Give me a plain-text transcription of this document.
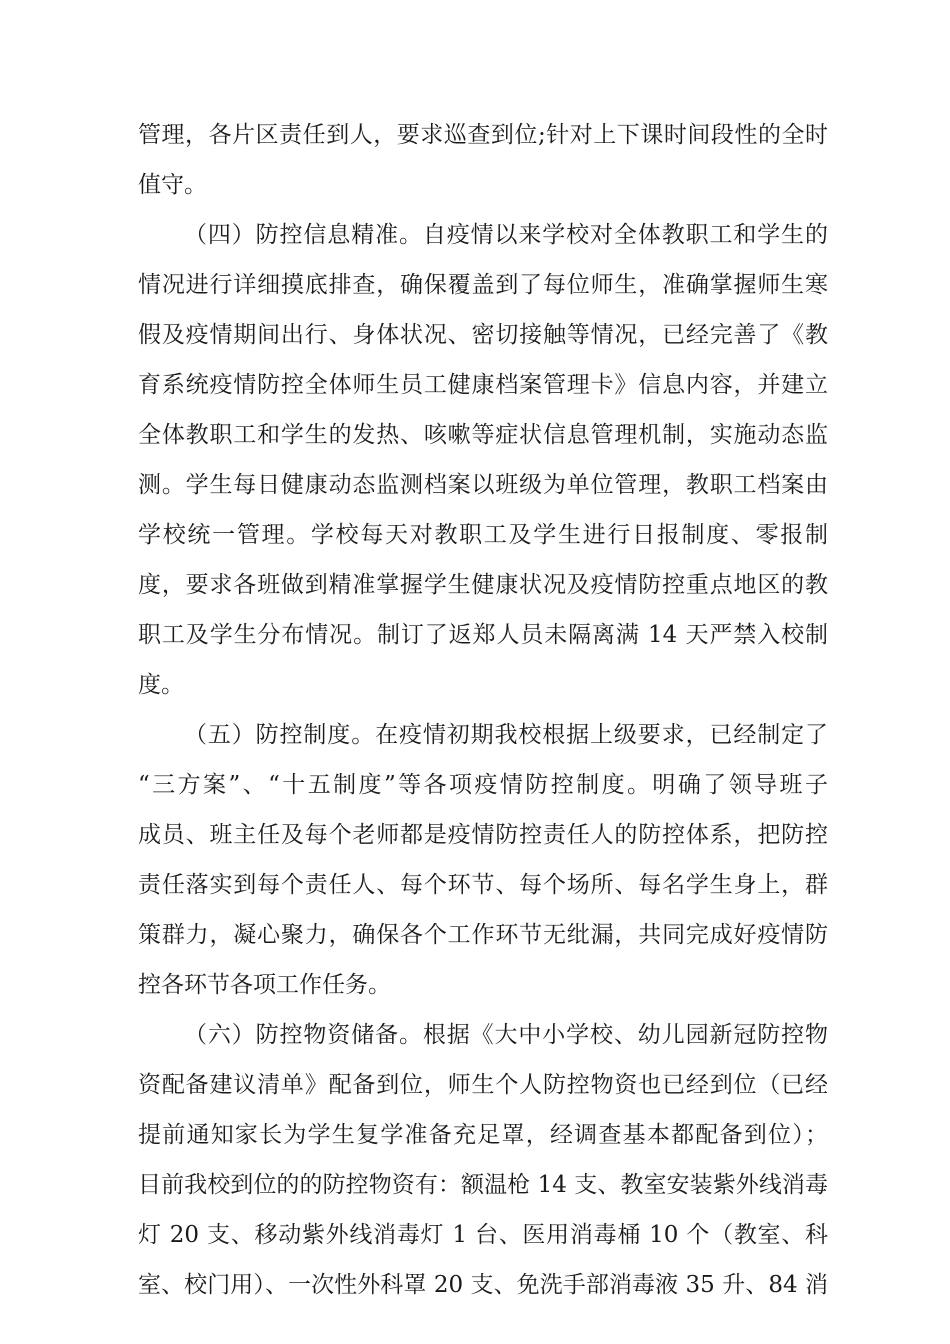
管理，各片区责任到人，要求巡查到位;针对上下课时间段性的全时
值守。
（四）防控信息精准。自疫情以来学校对全体教职工和学生的
情况进行详细摸底排查，确保覆盖到了每位师生，准确掌握师生寒
假及疫情期间出行、身体状况、密切接触等情况，已经完善了《教
育系统疫情防控全体师生员工健康档案管理卡》信息内容，并建立
全体教职工和学生的发热、咳嗽等症状信息管理机制，实施动态监
测。学生每日健康动态监测档案以班级为单位管理，教职工档案由
学校统一管理。学校每天对教职工及学生进行日报制度、零报制
度，要求各班做到精准掌握学生健康状况及疫情防控重点地区的教
职工及学生分布情况。制订了返郑人员未隔离满 14 天严禁入校制
度。
（五）防控制度。在疫情初期我校根据上级要求，已经制定了
“三方案”、“十五制度”等各项疫情防控制度。明确了领导班子
成员、班主任及每个老师都是疫情防控责任人的防控体系，把防控
责任落实到每个责任人、每个环节、每个场所、每名学生身上，群
策群力，凝心聚力，确保各个工作环节无纰漏，共同完成好疫情防
控各环节各项工作任务。
（六）防控物资储备。根据《大中小学校、幼儿园新冠防控物
资配备建议清单》配备到位，师生个人防控物资也已经到位（已经
提前通知家长为学生复学准备充足罩，经调查基本都配备到位）；
目前我校到位的的防控物资有：额温枪 14 支、教室安装紫外线消毒
灯 20 支、移动紫外线消毒灯 1 台、医用消毒桶 10 个（教室、科
室、校门用）、一次性外科罩 20 支、免洗手部消毒液 35 升、84 消
